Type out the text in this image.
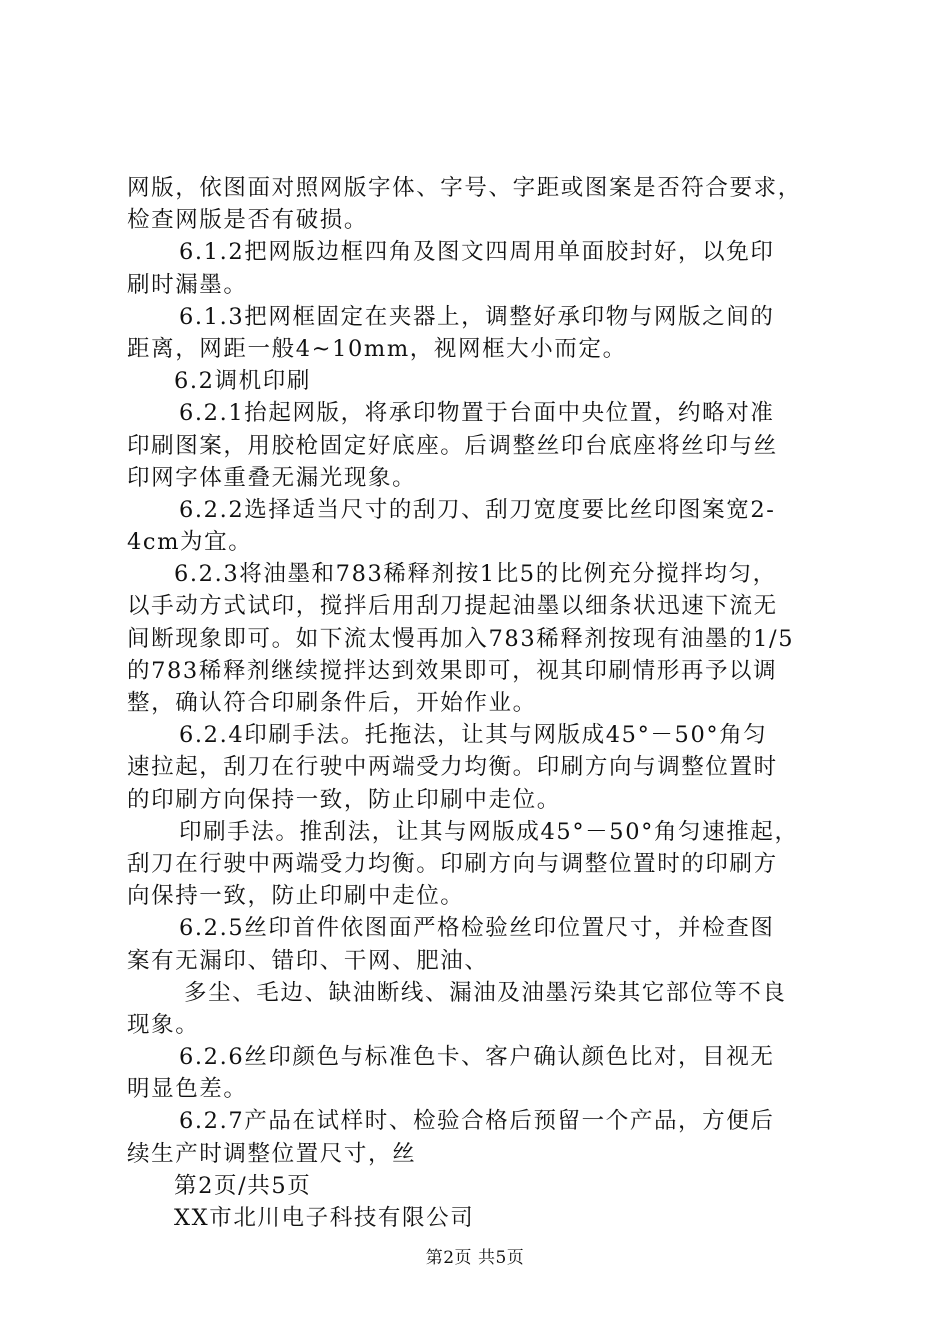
网版，依图面对照网版字体、字号、字距或图案是否符合要求，
检查网版是否有破损。
6.1.2把网版边框四角及图文四周用单面胶封好，以免印
刷时漏墨。
6.1.3把网框固定在夹器上，调整好承印物与网版之间的
距离，网距一般4~10mm，视网框大小而定。
6.2调机印刷
6.2.1抬起网版，将承印物置于台面中央位置，约略对准
印刷图案，用胶枪固定好底座。后调整丝印台底座将丝印与丝
印网字体重叠无漏光现象。
6.2.2选择适当尺寸的刮刀、刮刀宽度要比丝印图案宽2-
4cm为宜。
6.2.3将油墨和783稀释剂按1比5的比例充分搅拌均匀，
以手动方式试印，搅拌后用刮刀提起油墨以细条状迅速下流无
间断现象即可。如下流太慢再加入783稀释剂按现有油墨的1/5
的783稀释剂继续搅拌达到效果即可，视其印刷情形再予以调
整，确认符合印刷条件后，开始作业。
6.2.4印刷手法。托拖法，让其与网版成45°－50°角匀
速拉起，刮刀在行驶中两端受力均衡。印刷方向与调整位置时
的印刷方向保持一致，防止印刷中走位。
印刷手法。推刮法，让其与网版成45°－50°角匀速推起，
刮刀在行驶中两端受力均衡。印刷方向与调整位置时的印刷方
向保持一致，防止印刷中走位。
6.2.5丝印首件依图面严格检验丝印位置尺寸，并检查图
案有无漏印、错印、干网、肥油、
多尘、毛边、缺油断线、漏油及油墨污染其它部位等不良
现象。
6.2.6丝印颜色与标准色卡、客户确认颜色比对，目视无
明显色差。
6.2.7产品在试样时、检验合格后预留一个产品，方便后
续生产时调整位置尺寸，丝
第2页/共5页
XX市北川电子科技有限公司
第2页 共5页
